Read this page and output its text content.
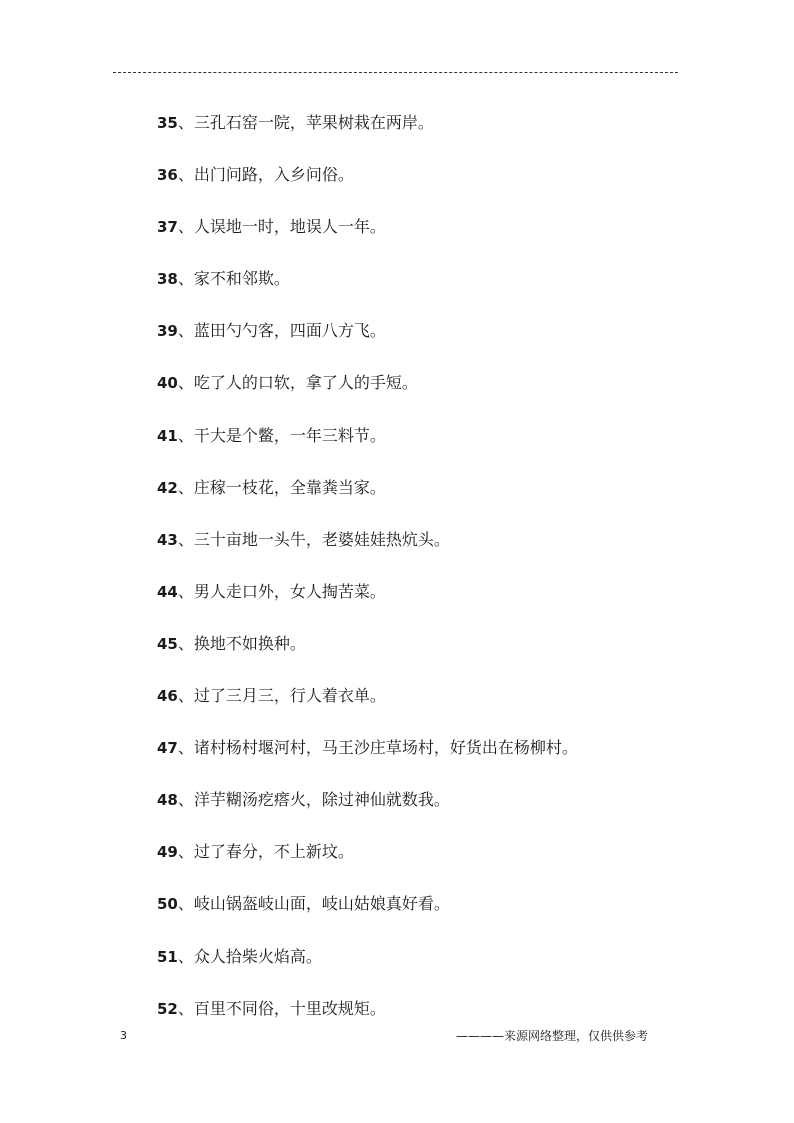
35、三孔石窑一院，苹果树栽在两岸。
36、出门问路，入乡问俗。
37、人误地一时，地误人一年。
38、家不和邻欺。
39、蓝田勺勺客，四面八方飞。
40、吃了人的口软，拿了人的手短。
41、干大是个鳖，一年三料节。
42、庄稼一枝花，全靠粪当家。
43、三十亩地一头牛，老婆娃娃热炕头。
44、男人走口外，女人掏苦菜。
45、换地不如换种。
46、过了三月三，行人着衣单。
47、诸村杨村堰河村，马王沙庄草场村，好货出在杨柳村。
48、洋芋糊汤疙瘩火，除过神仙就数我。
49、过了春分，不上新坟。
50、岐山锅盔岐山面，岐山姑娘真好看。
51、众人拾柴火焰高。
52、百里不同俗，十里改规矩。
3	————来源网络整理，仅供供参考
